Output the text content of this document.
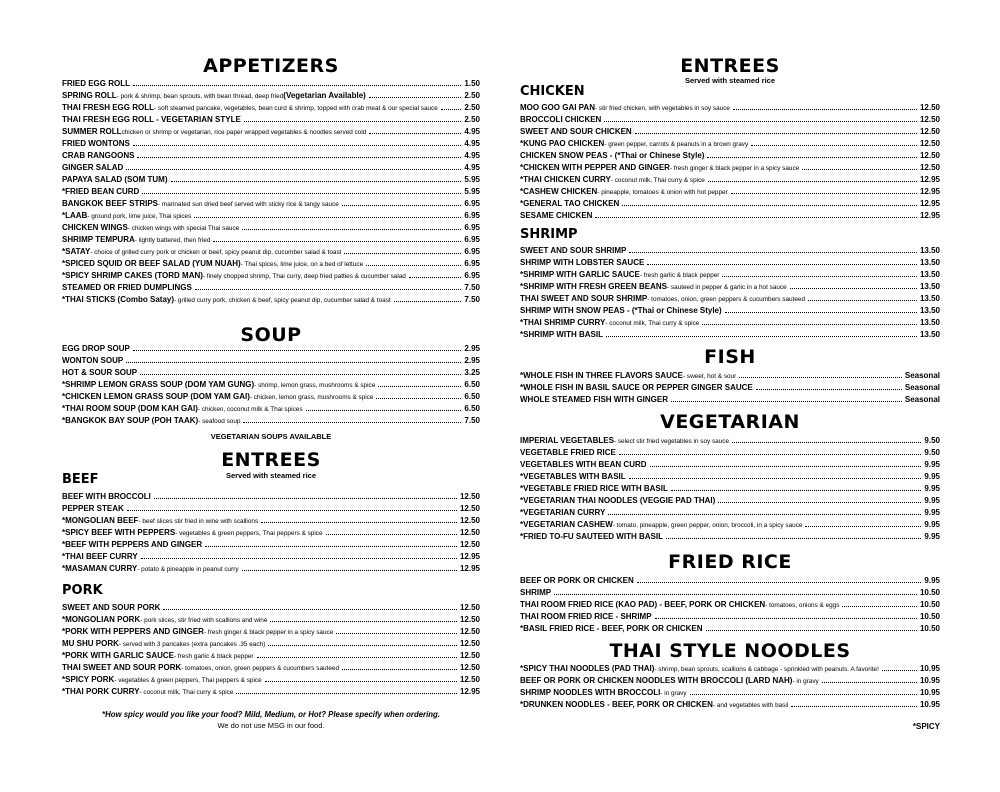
APPETIZERS
FRIED EGG ROLL	1.50
SPRING ROLL - pork & shrimp, bean sprouts, with bean thread, deep fried (Vegetarian Available)	2.50
THAI FRESH EGG ROLL - soft steamed pancake, vegetables, bean curd & shrimp, topped with crab meat & our special sauce	2.50
THAI FRESH EGG ROLL - VEGETARIAN STYLE	2.50
SUMMER ROLL chicken or shrimp or vegetarian, rice paper wrapped vegetables & noodles served cold	4.95
FRIED WONTONS	4.95
CRAB RANGOONS	4.95
GINGER SALAD	4.95
PAPAYA SALAD (SOM TUM)	5.95
*FRIED BEAN CURD	5.95
BANGKOK BEEF STRIPS - marinated sun dried beef served with sticky rice & tangy sauce	6.95
*LAAB - ground pork, lime juice, Thai spices	6.95
CHICKEN WINGS - chicken wings with special Thai sauce	6.95
SHRIMP TEMPURA - lightly battered, then fried	6.95
*SATAY - choice of grilled curry pork or chicken or beef, spicy peanut dip, cucumber salad & toast	6.95
*SPICED SQUID OR BEEF SALAD (YUM NUAH) - Thai spices, lime juice, on a bed of lettuce	6.95
*SPICY SHRIMP CAKES (TORD MAN) - finely chopped shrimp, Thai curry, deep fried patties & cucumber salad	6.95
STEAMED OR FRIED DUMPLINGS	7.50
*THAI STICKS (Combo Satay) - grilled curry pork, chicken & beef, spicy peanut dip, cucumber salad & toast	7.50
SOUP
EGG DROP SOUP	2.95
WONTON SOUP	2.95
HOT & SOUR SOUP	3.25
*SHRIMP LEMON GRASS SOUP (DOM YAM GUNG) - shrimp, lemon grass, mushrooms & spice	6.50
*CHICKEN LEMON GRASS SOUP (DOM YAM GAI) - chicken, lemon grass, mushrooms & spice	6.50
*THAI ROOM SOUP (DOM KAH GAI) - chicken, coconut milk & Thai spices	6.50
*BANGKOK BAY SOUP (POH TAAK) - seafood soup	7.50
VEGETARIAN SOUPS AVAILABLE
ENTREES
Served with steamed rice
BEEF
BEEF WITH BROCCOLI	12.50
PEPPER STEAK	12.50
*MONGOLIAN BEEF - beef slices stir fried in wine with scallions	12.50
*SPICY BEEF WITH PEPPERS - vegetables & green peppers, Thai peppers & spice	12.50
*BEEF WITH PEPPERS AND GINGER	12.50
*THAI BEEF CURRY	12.95
*MASAMAN CURRY - potato & pineapple in peanut curry	12.95
PORK
SWEET AND SOUR PORK	12.50
*MONGOLIAN PORK - pork slices, stir fried with scallions and wine	12.50
*PORK WITH PEPPERS AND GINGER - fresh ginger & black pepper in a spicy sauce	12.50
MU SHU PORK - served with 3 pancakes (extra pancakes .35 each)	12.50
*PORK WITH GARLIC SAUCE - fresh garlic & black pepper	12.50
THAI SWEET AND SOUR PORK - tomatoes, onion, green peppers & cucumbers sauteed	12.50
*SPICY PORK - vegetables & green peppers, Thai peppers & spice	12.50
*THAI PORK CURRY - coconut milk, Thai curry & spice	12.95
*How spicy would you like your food? Mild, Medium, or Hot? Please specify when ordering.
We do not use MSG in our food.
ENTREES
Served with steamed rice
CHICKEN
MOO GOO GAI PAN - stir fried chicken, with vegetables in soy sauce	12.50
BROCCOLI CHICKEN	12.50
SWEET AND SOUR CHICKEN	12.50
*KUNG PAO CHICKEN - green pepper, carrots & peanuts in a brown gravy	12.50
CHICKEN SNOW PEAS - (*Thai or Chinese Style)	12.50
*CHICKEN WITH PEPPER AND GINGER - fresh ginger & black pepper in a spicy sauce	12.50
*THAI CHICKEN CURRY - coconut milk, Thai curry & spice	12.95
*CASHEW CHICKEN - pineapple, tomatoes & onion with hot pepper	12.95
*GENERAL TAO CHICKEN	12.95
SESAME CHICKEN	12.95
SHRIMP
SWEET AND SOUR SHRIMP	13.50
SHRIMP WITH LOBSTER SAUCE	13.50
*SHRIMP WITH GARLIC SAUCE - fresh garlic & black pepper	13.50
*SHRIMP WITH FRESH GREEN BEANS - sauteed in pepper & garlic in a hot sauce	13.50
THAI SWEET AND SOUR SHRIMP - tomatoes, onion, green peppers & cucumbers sauteed	13.50
SHRIMP WITH SNOW PEAS - (*Thai or Chinese Style)	13.50
*THAI SHRIMP CURRY - coconut milk, Thai curry & spice	13.50
*SHRIMP WITH BASIL	13.50
FISH
*WHOLE FISH IN THREE FLAVORS SAUCE - sweet, hot & sour	Seasonal
*WHOLE FISH IN BASIL SAUCE OR PEPPER GINGER SAUCE	Seasonal
WHOLE STEAMED FISH WITH GINGER	Seasonal
VEGETARIAN
IMPERIAL VEGETABLES - select stir fried vegetables in soy sauce	9.50
VEGETABLE FRIED RICE	9.50
VEGETABLES WITH BEAN CURD	9.95
*VEGETABLES WITH BASIL	9.95
*VEGETABLE FRIED RICE WITH BASIL	9.95
*VEGETARIAN THAI NOODLES (VEGGIE PAD THAI)	9.95
*VEGETARIAN CURRY	9.95
*VEGETARIAN CASHEW - tomato, pineapple, green pepper, onion, broccoli, in a spicy sauce	9.95
*FRIED TO-FU SAUTEED WITH BASIL	9.95
FRIED RICE
BEEF OR PORK OR CHICKEN	9.95
SHRIMP	10.50
THAI ROOM FRIED RICE (KAO PAD) - BEEF, PORK OR CHICKEN - tomatoes, onions & eggs	10.50
THAI ROOM FRIED RICE - SHRIMP	10.50
*BASIL FRIED RICE - BEEF, PORK OR CHICKEN	10.50
THAI STYLE NOODLES
*SPICY THAI NOODLES (PAD THAI) - shrimp, bean sprouts, scallions & cabbage - sprinkled with peanuts. A favorite!	10.95
BEEF OR PORK OR CHICKEN NOODLES WITH BROCCOLI (LARD NAH) - in gravy	10.95
SHRIMP NOODLES WITH BROCCOLI - in gravy	10.95
*DRUNKEN NOODLES - BEEF, PORK OR CHICKEN - and vegetables with basil	10.95
*SPICY
